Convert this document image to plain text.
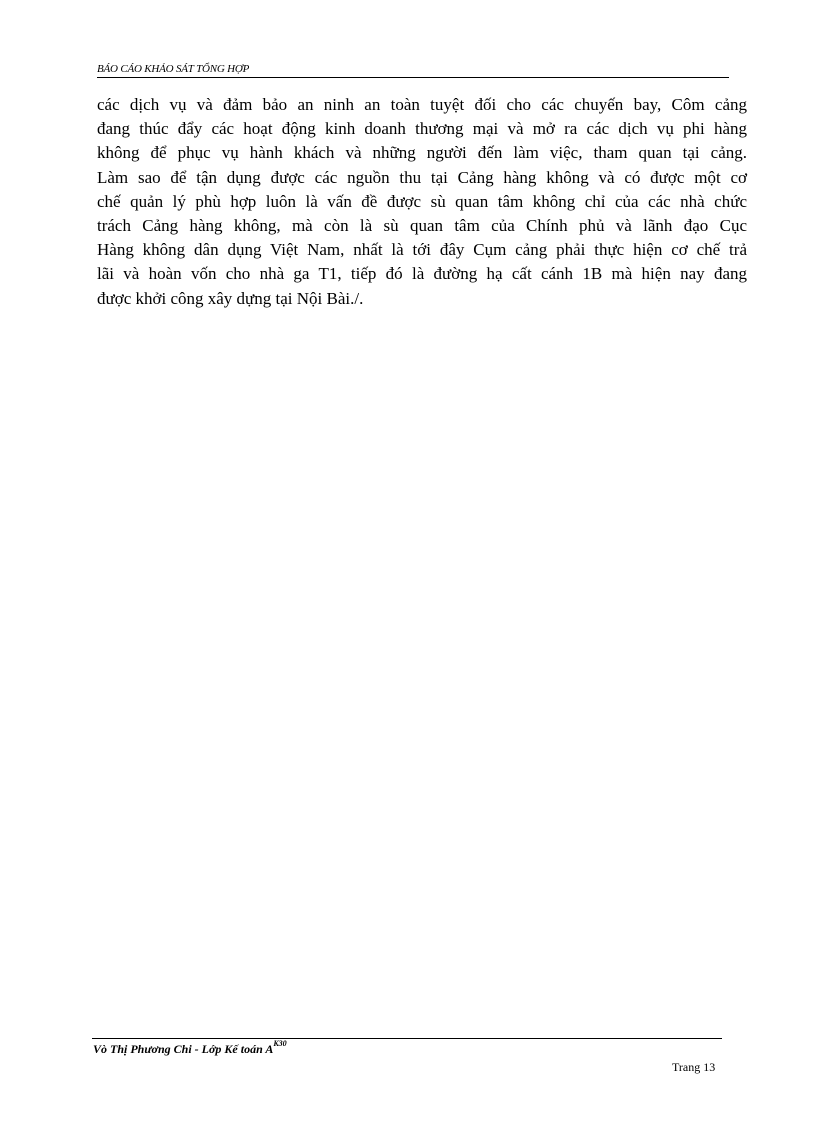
BÁO CÁO KHẢO SÁT TỔNG HỢP
các dịch vụ và đảm bảo an ninh an toàn tuyệt đối cho các chuyến bay, Côm cảng
đang thúc đẩy các hoạt động kinh doanh thương mại và mở ra các dịch vụ phi hàng
không để phục vụ hành khách và những người đến làm việc, tham quan tại cảng.
Làm sao để tận dụng được các nguồn thu tại Cảng hàng không và có được một cơ
chế quản lý phù hợp luôn là vấn đề được sù quan tâm không chỉ của các nhà chức
trách Cảng hàng không, mà còn là sù quan tâm của Chính phủ và lãnh đạo Cục
Hàng không dân dụng Việt Nam, nhất là tới đây Cụm cảng phải thực hiện cơ chế trả
lãi và hoàn vốn cho nhà ga T1, tiếp đó là đường hạ cất cánh 1B mà hiện nay đang
được khởi công xây dựng tại Nội Bài./.
Vò Thị Phương Chi - Lớp Kế toán $A^{K30}$
Trang 13
